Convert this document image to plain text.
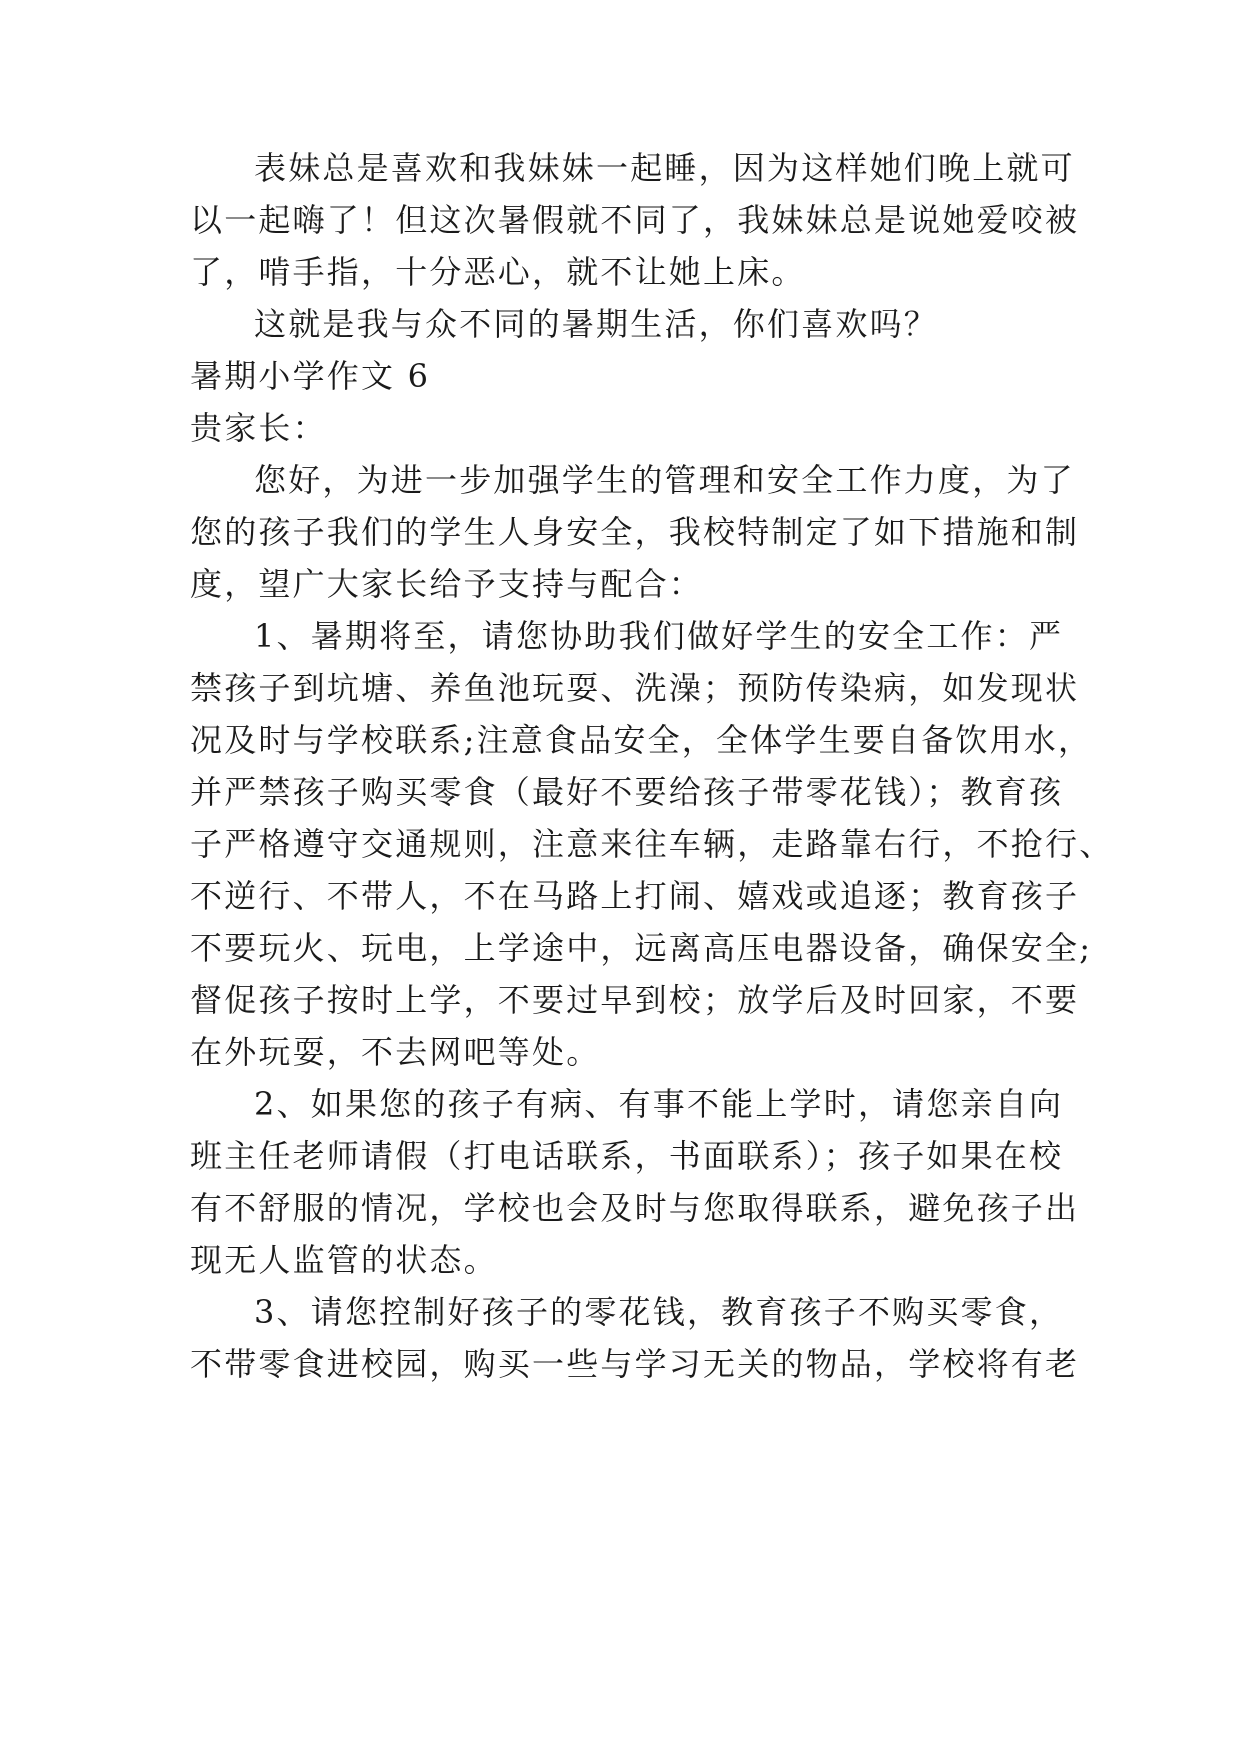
表妹总是喜欢和我妹妹一起睡，因为这样她们晚上就可
以一起嗨了！但这次暑假就不同了，我妹妹总是说她爱咬被
了，啃手指，十分恶心，就不让她上床。
这就是我与众不同的暑期生活，你们喜欢吗？
暑期小学作文 6
贵家长：
您好，为进一步加强学生的管理和安全工作力度，为了
您的孩子我们的学生人身安全，我校特制定了如下措施和制
度，望广大家长给予支持与配合：
1、暑期将至，请您协助我们做好学生的安全工作：严
禁孩子到坑塘、养鱼池玩耍、洗澡；预防传染病，如发现状
况及时与学校联系;注意食品安全，全体学生要自备饮用水，
并严禁孩子购买零食（最好不要给孩子带零花钱）；教育孩
子严格遵守交通规则，注意来往车辆，走路靠右行，不抢行、
不逆行、不带人，不在马路上打闹、嬉戏或追逐；教育孩子
不要玩火、玩电，上学途中，远离高压电器设备，确保安全;
督促孩子按时上学，不要过早到校；放学后及时回家，不要
在外玩耍，不去网吧等处。
2、如果您的孩子有病、有事不能上学时，请您亲自向
班主任老师请假（打电话联系，书面联系）；孩子如果在校
有不舒服的情况，学校也会及时与您取得联系，避免孩子出
现无人监管的状态。
3、请您控制好孩子的零花钱，教育孩子不购买零食，
不带零食进校园，购买一些与学习无关的物品，学校将有老
